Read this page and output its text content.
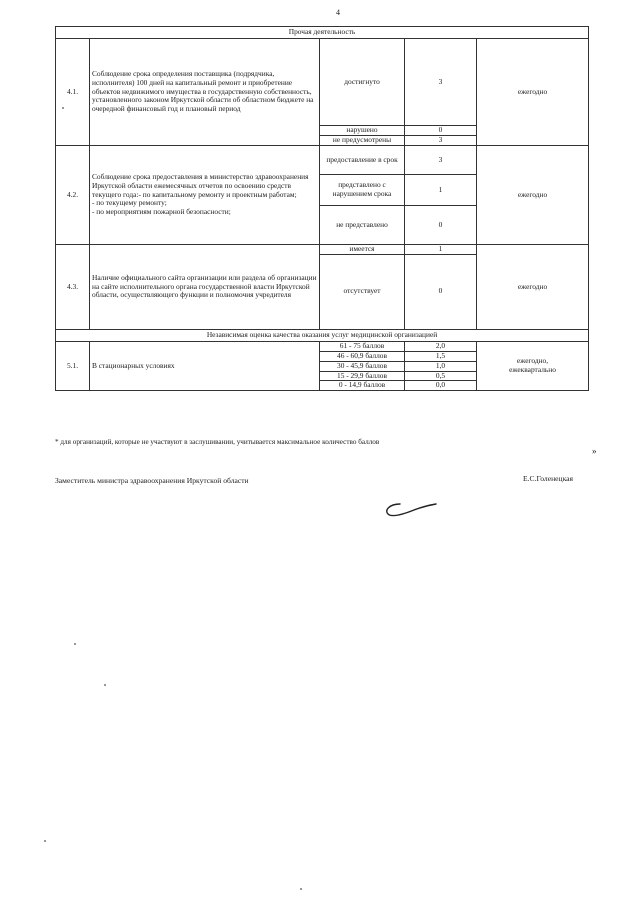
4
Прочая деятельность				
4.1.	Соблюдение срока определения поставщика (подрядчика, исполнителя) 100 дней на капитальный ремонт и приобретение объектов недвижимого имущества в государственную собственность, установленного законом Иркутской области об областном бюджете на очередной финансовый год и плановый период	достигнуто	3	ежегодно
		нарушено	0	
		не предусмотрены	3	
4.2.	Соблюдение срока предоставления в министерство здравоохранения Иркутской области ежемесячных отчетов по освоению средств текущего года:- по капитальному ремонту и проектным работам;
- по текущему ремонту;
- по мероприятиям пожарной безопасности;	предоставление в срок	3	ежегодно
		представлено с нарушением срока	1	
		не представлено	0	
4.3.	Наличие официального сайта организации или раздела об организации на сайте исполнительного органа государственной власти Иркутской области, осуществляющего функции и полномочия учредителя	имеется	1	ежегодно
		отсутствует	0	
Независимая оценка качества оказания услуг медицинской организацией				
5.1.	В стационарных условиях	61 - 75 баллов	2,0	ежегодно,
ежеквартально
		46 - 60,9 баллов	1,5	
		30 - 45,9 баллов	1,0	
		15 - 29,9 баллов	0,5	
		0 - 14,9 баллов	0,0	
* для организаций, которые не участвуют в заслушивании, учитывается максимальное количество баллов
»
Заместитель министра здравоохранения Иркутской области	Е.С.Голенецкая
